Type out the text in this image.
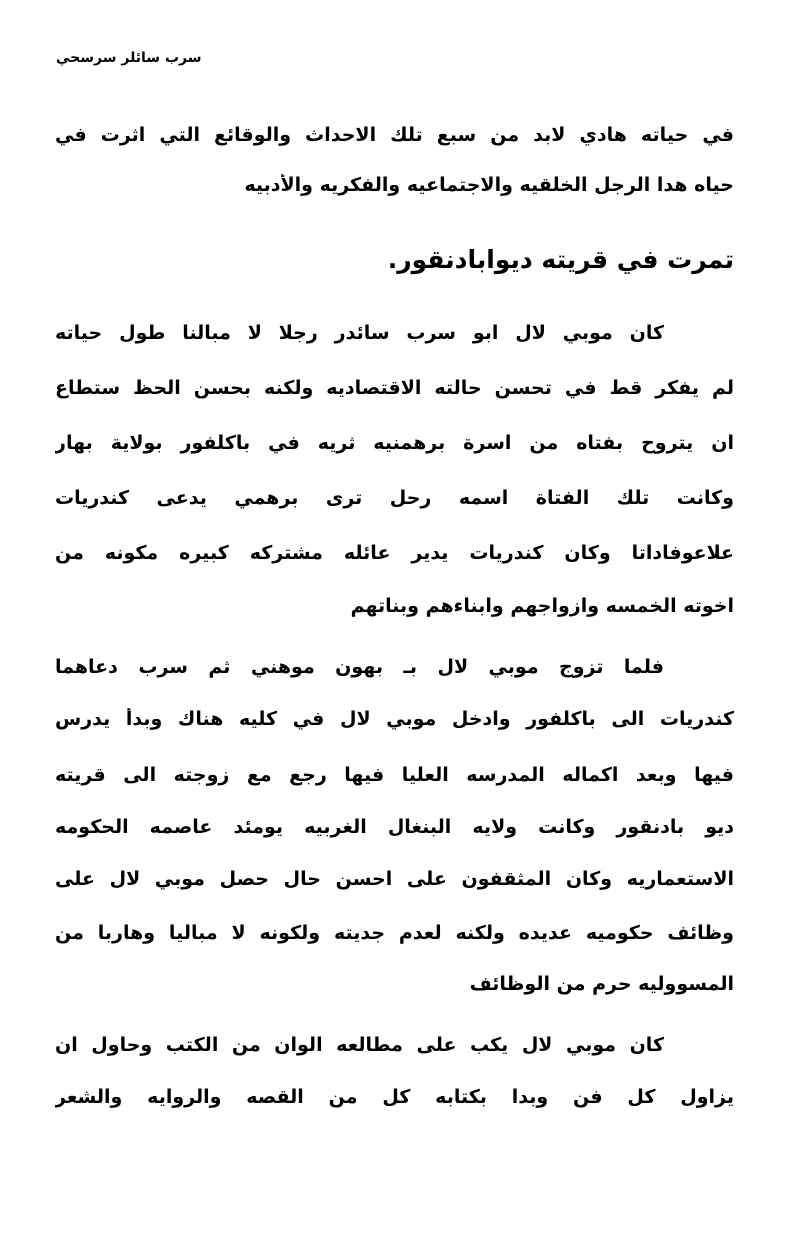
سرب سائلر سرسحي
في حياته هادي لابد من سبع تلك الاحداث والوقائع التي اثرت في
حياه هدا الرجل الخلقيه والاجتماعيه والفكريه والأدبيه
تمرت في قريته ديوابادنقور.
كان موبي لال ابو سرب سائدر رجلا لا مبالنا طول حياته
لم يفكر قط في تحسن حالته الاقتصاديه ولكنه بحسن الحظ ستطاع
ان يتروح بفتاه من اسرة برهمنيه ثريه في باكلفور بولاية بهار
وكانت تلك الفتاة اسمه رحل ترى برهمي يدعى كندريات
علاعوفاداتا وكان كندريات يدير عائله مشتركه كبيره مكونه من
اخوته الخمسه وازواجهم وابناءهم وبناتهم
فلما تزوج موبي لال بـ بهون موهني ثم سرب دعاهما
كندريات الى باكلفور وادخل موبي لال في كليه هناك وبدأ يدرس
فيها وبعد اكماله المدرسه العليا فيها رجع مع زوجته الى قريته
ديو بادنقور وكانت ولايه البنغال الغربيه يومئد عاصمه الحكومه
الاستعماريه وكان المثقفون على احسن حال حصل موبي لال على
وظائف حكوميه عديده ولكنه لعدم جديته ولكونه لا مباليا وهاربا من
المسووليه حرم من الوظائف
كان موبي لال يكب على مطالعه الوان من الكتب وحاول ان
يزاول كل فن وبدا بكتابه كل من القصه والروايه والشعر
